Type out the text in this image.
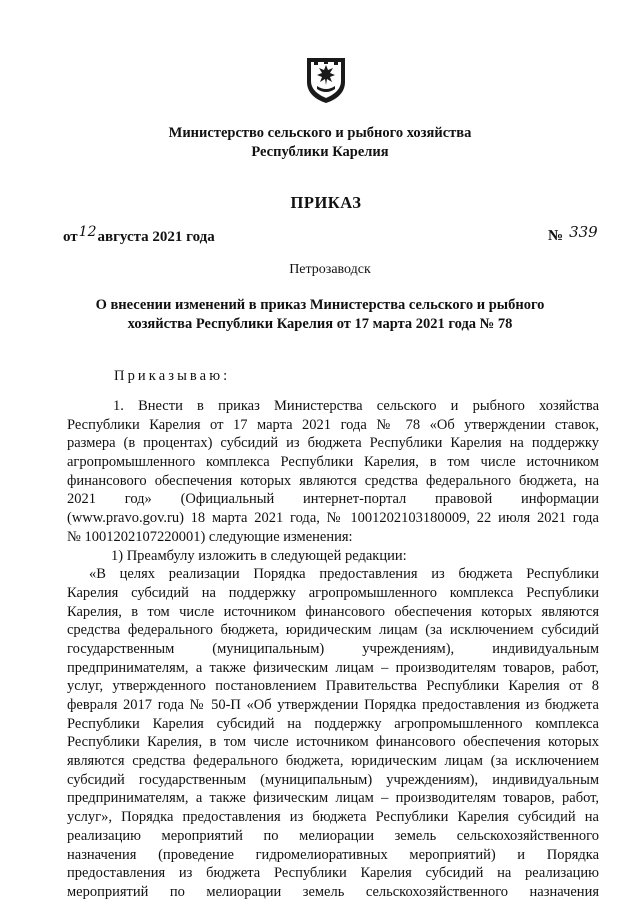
Министерство сельского и рыбного хозяйства
Республики Карелия
ПРИКАЗ
от12августа 2021 года	№ 339
Петрозаводск
О внесении изменений в приказ Министерства сельского и рыбного
хозяйства Республики Карелия от 17 марта 2021 года № 78
Приказываю:
1. Внести в приказ Министерства сельского и рыбного хозяйства
Республики Карелия от 17 марта 2021 года № 78 «Об утверждении ставок,
размера (в процентах) субсидий из бюджета Республики Карелия на поддержку
агропромышленного комплекса Республики Карелия, в том числе источником
финансового обеспечения которых являются средства федерального бюджета, на
2021 год» (Официальный интернет-портал правовой информации
(www.pravo.gov.ru) 18 марта 2021 года, № 1001202103180009, 22 июля 2021 года
№ 1001202107220001) следующие изменения:
1) Преамбулу изложить в следующей редакции:
«В целях реализации Порядка предоставления из бюджета Республики
Карелия субсидий на поддержку агропромышленного комплекса Республики
Карелия, в том числе источником финансового обеспечения которых являются
средства федерального бюджета, юридическим лицам (за исключением субсидий
государственным (муниципальным) учреждениям), индивидуальным
предпринимателям, а также физическим лицам – производителям товаров, работ,
услуг, утвержденного постановлением Правительства Республики Карелия от 8
февраля 2017 года № 50-П «Об утверждении Порядка предоставления из бюджета
Республики Карелия субсидий на поддержку агропромышленного комплекса
Республики Карелия, в том числе источником финансового обеспечения которых
являются средства федерального бюджета, юридическим лицам (за исключением
субсидий государственным (муниципальным) учреждениям), индивидуальным
предпринимателям, а также физическим лицам – производителям товаров, работ,
услуг», Порядка предоставления из бюджета Республики Карелия субсидий на
реализацию мероприятий по мелиорации земель сельскохозяйственного
назначения (проведение гидромелиоративных мероприятий) и Порядка
предоставления из бюджета Республики Карелия субсидий на реализацию
мероприятий по мелиорации земель сельскохозяйственного назначения
